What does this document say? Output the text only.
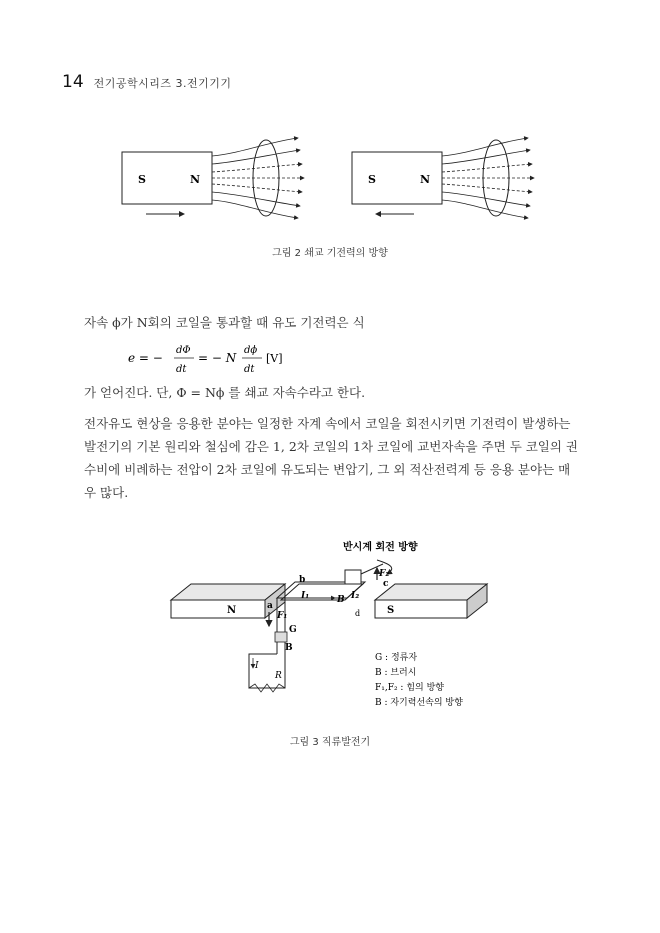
14 전기공학시리즈 3.전기기기
S	N	S	N
그림 2 쇄교 기전력의 방향
자속 ϕ가 N회의 코일을 통과할 때 유도 기전력은 식
e = −
dΦ
dt
= − N
dϕ
dt
[V]
가 얻어진다. 단, Φ = Nϕ 를 쇄교 자속수라고 한다.
전자유도 현상을 응용한 분야는 일정한 자계 속에서 코일을 회전시키면 기전력이 발생하는 발전기의 기본 원리와 철심에 감은 1, 2차 코일의 1차 코일에 교번자속을 주면 두 코일의 권수비에 비례하는 전압이 2차 코일에 유도되는 변압기, 그 외 적산전력계 등 응용 분야는 매우 많다.
반시계 회전 방향
N	S
b
a
c
d
F₁
F₂
I₁	I₂
B
G
B
I
R
G : 정류자
B : 브러시
F₁,F₂ : 힘의 방향
B : 자기력선속의 방향
그림 3 직류발전기
